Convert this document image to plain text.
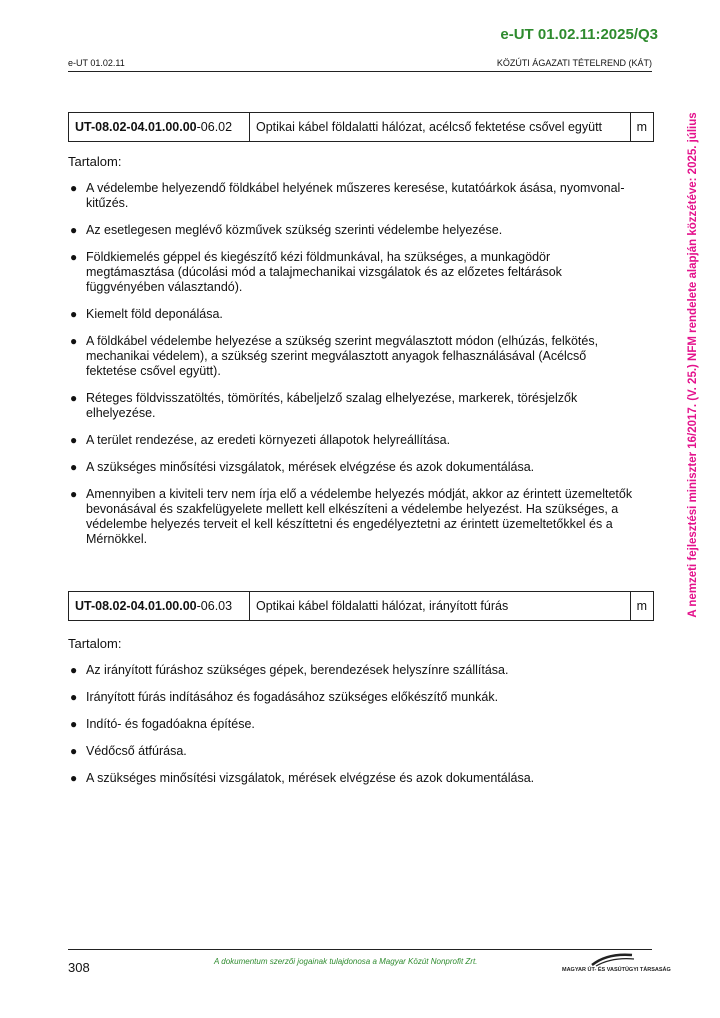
e-UT 01.02.11:2025/Q3
e-UT 01.02.11	KÖZÚTI ÁGAZATI TÉTELREND (KÁT)
UT-08.02-04.01.00.00-06.02	Optikai kábel földalatti hálózat, acélcső fektetése csővel együtt	m
Tartalom:
● A védelembe helyezendő földkábel helyének műszeres keresése, kutatóárkok ásása, nyomvonal-kitűzés.
● Az esetlegesen meglévő közművek szükség szerinti védelembe helyezése.
● Földkiemelés géppel és kiegészítő kézi földmunkával, ha szükséges, a munkagödör megtámasztása (dúcolási mód a talajmechanikai vizsgálatok és az előzetes feltárások függvényében választandó).
● Kiemelt föld deponálása.
● A földkábel védelembe helyezése a szükség szerint megválasztott módon (elhúzás, felkötés, mechanikai védelem), a szükség szerint megválasztott anyagok felhasználásával (Acélcső fektetése csővel együtt).
● Réteges földvisszatöltés, tömörítés, kábeljelző szalag elhelyezése, markerek, törésjelzők elhelyezése.
● A terület rendezése, az eredeti környezeti állapotok helyreállítása.
● A szükséges minősítési vizsgálatok, mérések elvégzése és azok dokumentálása.
● Amennyiben a kiviteli terv nem írja elő a védelembe helyezés módját, akkor az érintett üzemeltetők bevonásával és szakfelügyelete mellett kell elkészíteni a védelembe helyezést. Ha szükséges, a védelembe helyezés terveit el kell készíttetni és engedélyeztetni az érintett üzemeltetőkkel és a Mérnökkel.
UT-08.02-04.01.00.00-06.03	Optikai kábel földalatti hálózat, irányított fúrás	m
Tartalom:
● Az irányított fúráshoz szükséges gépek, berendezések helyszínre szállítása.
● Irányított fúrás indításához és fogadásához szükséges előkészítő munkák.
● Indító- és fogadóakna építése.
● Védőcső átfúrása.
● A szükséges minősítési vizsgálatok, mérések elvégzése és azok dokumentálása.
A nemzeti fejlesztési miniszter 16/2017. (V. 25.) NFM rendelete alapján közzétéve: 2025. július
308	A dokumentum szerzői jogainak tulajdonosa a Magyar Közút Nonprofit Zrt.
MAGYAR ÚT- ÉS VASÚTÜGYI TÁRSASÁG
